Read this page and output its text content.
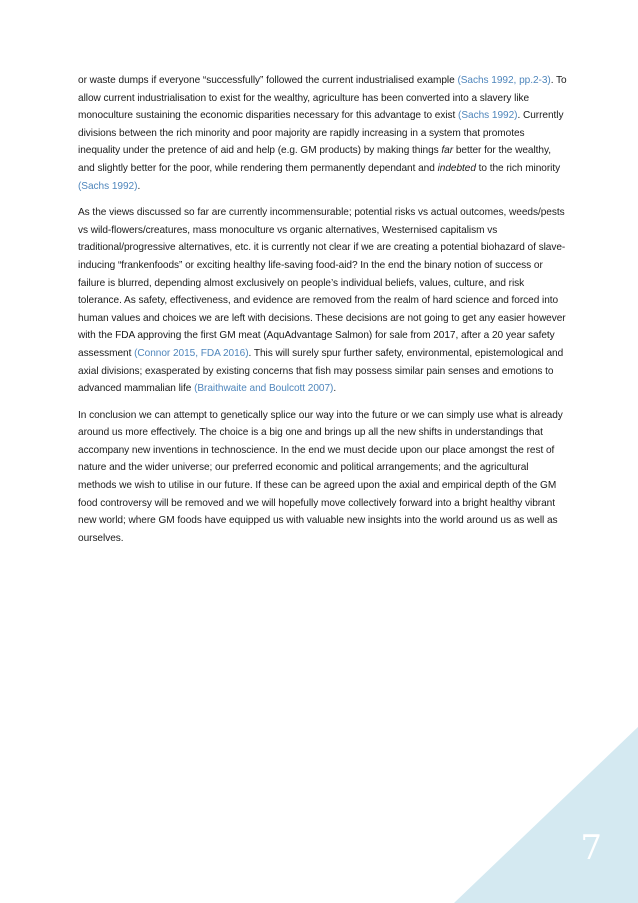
or waste dumps if everyone “successfully” followed the current industrialised example (Sachs 1992, pp.2-3). To allow current industrialisation to exist for the wealthy, agriculture has been converted into a slavery like monoculture sustaining the economic disparities necessary for this advantage to exist (Sachs 1992). Currently divisions between the rich minority and poor majority are rapidly increasing in a system that promotes inequality under the pretence of aid and help (e.g. GM products) by making things far better for the wealthy, and slightly better for the poor, while rendering them permanently dependant and indebted to the rich minority (Sachs 1992).

As the views discussed so far are currently incommensurable; potential risks vs actual outcomes, weeds/pests vs wild-flowers/creatures, mass monoculture vs organic alternatives, Westernised capitalism vs traditional/progressive alternatives, etc. it is currently not clear if we are creating a potential biohazard of slave-inducing “frankenfoods” or exciting healthy life-saving food-aid? In the end the binary notion of success or failure is blurred, depending almost exclusively on people’s individual beliefs, values, culture, and risk tolerance. As safety, effectiveness, and evidence are removed from the realm of hard science and forced into human values and choices we are left with decisions. These decisions are not going to get any easier however with the FDA approving the first GM meat (AquAdvantage Salmon) for sale from 2017, after a 20 year safety assessment (Connor 2015, FDA 2016). This will surely spur further safety, environmental, epistemological and axial divisions; exasperated by existing concerns that fish may possess similar pain senses and emotions to advanced mammalian life (Braithwaite and Boulcott 2007).

In conclusion we can attempt to genetically splice our way into the future or we can simply use what is already around us more effectively. The choice is a big one and brings up all the new shifts in understandings that accompany new inventions in technoscience. In the end we must decide upon our place amongst the rest of nature and the wider universe; our preferred economic and political arrangements; and the agricultural methods we wish to utilise in our future. If these can be agreed upon the axial and empirical depth of the GM food controversy will be removed and we will hopefully move collectively forward into a bright healthy vibrant new world; where GM foods have equipped us with valuable new insights into the world around us as well as ourselves.

7
